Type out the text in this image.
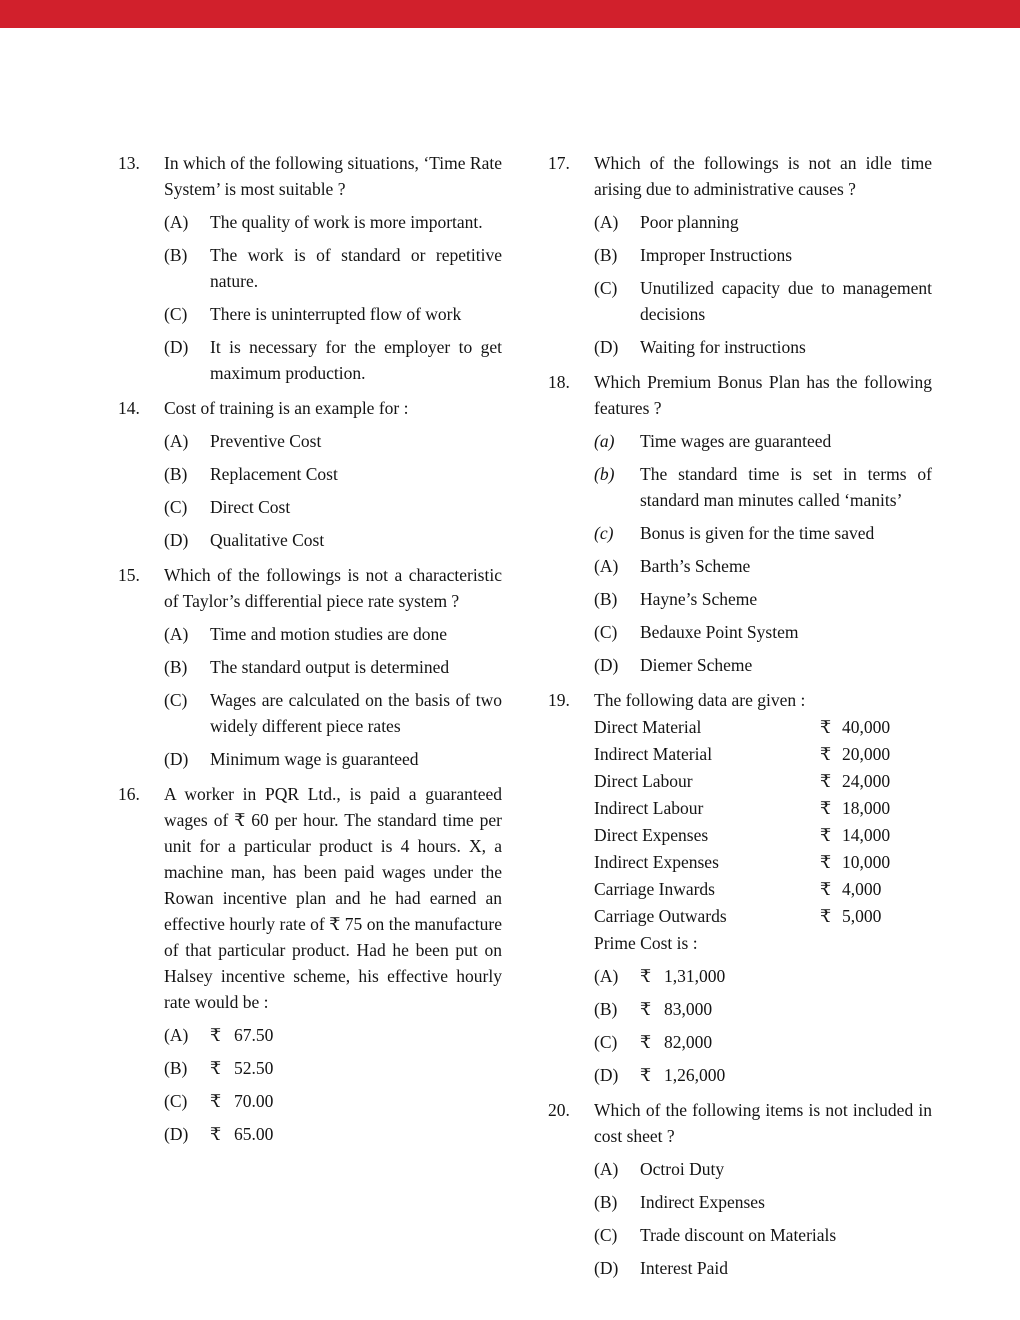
13.	In which of the following situations, ‘Time Rate System’ is most suitable ?
(A)	The quality of work is more important.
(B)	The work is of standard or repetitive nature.
(C)	There is uninterrupted flow of work
(D)	It is necessary for the employer to get maximum production.
14.	Cost of training is an example for :
(A)	Preventive Cost
(B)	Replacement Cost
(C)	Direct Cost
(D)	Qualitative Cost
15.	Which of the followings is not a characteristic of Taylor’s differential piece rate system ?
(A)	Time and motion studies are done
(B)	The standard output is determined
(C)	Wages are calculated on the basis of two widely different piece rates
(D)	Minimum wage is guaranteed
16.	A worker in PQR Ltd., is paid a guaranteed wages of ₹ 60 per hour. The standard time per unit for a particular product is 4 hours. X, a machine man, has been paid wages under the Rowan incentive plan and he had earned an effective hourly rate of ₹ 75 on the manufacture of that particular product. Had he been put on Halsey incentive scheme, his effective hourly rate would be :
(A)	₹ 67.50
(B)	₹ 52.50
(C)	₹ 70.00
(D)	₹ 65.00
17.	Which of the followings is not an idle time arising due to administrative causes ?
(A)	Poor planning
(B)	Improper Instructions
(C)	Unutilized capacity due to management decisions
(D)	Waiting for instructions
18.	Which Premium Bonus Plan has the following features ?
(a)	Time wages are guaranteed
(b)	The standard time is set in terms of standard man minutes called ‘manits’
(c)	Bonus is given for the time saved
(A)	Barth’s Scheme
(B)	Hayne’s Scheme
(C)	Bedauxe Point System
(D)	Diemer Scheme
19.	The following data are given :
Direct Material	₹ 40,000
Indirect Material	₹ 20,000
Direct Labour	₹ 24,000
Indirect Labour	₹ 18,000
Direct Expenses	₹ 14,000
Indirect Expenses	₹ 10,000
Carriage Inwards	₹ 4,000
Carriage Outwards	₹ 5,000
Prime Cost is :
(A)	₹ 1,31,000
(B)	₹ 83,000
(C)	₹ 82,000
(D)	₹ 1,26,000
20.	Which of the following items is not included in cost sheet ?
(A)	Octroi Duty
(B)	Indirect Expenses
(C)	Trade discount on Materials
(D)	Interest Paid
